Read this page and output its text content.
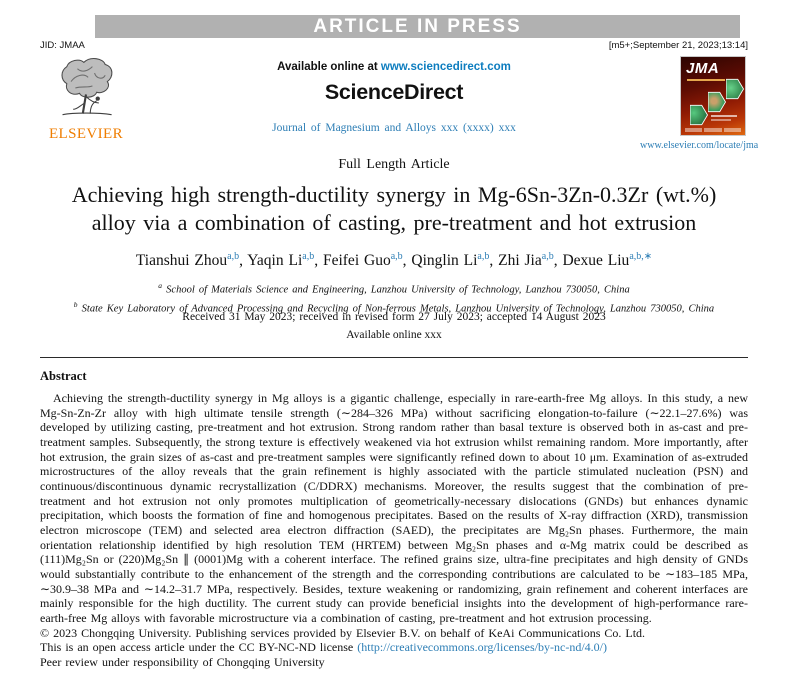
ARTICLE IN PRESS
JID: JMAA	[m5+;September 21, 2023;13:14]
ELSEVIER
Available online at www.sciencedirect.com
ScienceDirect
Journal of Magnesium and Alloys xxx (xxxx) xxx
JMA
www.elsevier.com/locate/jma
Full Length Article
Achieving high strength-ductility synergy in Mg-6Sn-3Zn-0.3Zr (wt.%) alloy via a combination of casting, pre-treatment and hot extrusion
Tianshui Zhou$^{a,b}$, Yaqin Li$^{a,b}$, Feifei Guo$^{a,b}$, Qinglin Li$^{a,b}$, Zhi Jia$^{a,b}$, Dexue Liu$^{a,b,∗}$
$^a$ School of Materials Science and Engineering, Lanzhou University of Technology, Lanzhou 730050, China
$^b$ State Key Laboratory of Advanced Processing and Recycling of Non-ferrous Metals, Lanzhou University of Technology, Lanzhou 730050, China
Received 31 May 2023; received in revised form 27 July 2023; accepted 14 August 2023
Available online xxx
Abstract

Achieving the strength-ductility synergy in Mg alloys is a gigantic challenge, especially in rare-earth-free Mg alloys. In this study, a new Mg-Sn-Zn-Zr alloy with high ultimate tensile strength (∼284–326 MPa) without sacrificing elongation-to-failure (∼22.1–27.6%) was developed by utilizing casting, pre-treatment and hot extrusion. Strong random rather than basal texture is observed both in as-cast and pre-treatment samples. Subsequently, the strong texture is effectively weakened via hot extrusion whilst remaining random. More importantly, after hot extrusion, the grain sizes of as-cast and pre-treatment samples were significantly refined down to about 10 μm. Examination of as-extruded microstructures of the alloy reveals that the grain refinement is highly associated with the particle stimulated nucleation (PSN) and continuous/discontinuous dynamic recrystallization (C/DDRX) mechanisms. Moreover, the results suggest that the combination of pre-treatment and hot extrusion not only promotes multiplication of geometrically-necessary dislocations (GNDs) but enhances dynamic precipitation, which boosts the formation of fine and homogenous precipitates. Based on the results of X-ray diffraction (XRD), transmission electron microscope (TEM) and selected area electron diffraction (SAED), the precipitates are Mg₂Sn phases. Furthermore, the main orientation relationship identified by high resolution TEM (HRTEM) between Mg₂Sn phases and α-Mg matrix could be described as (111)Mg₂Sn or (220)Mg₂Sn ∥ (0001)Mg with a coherent interface. The refined grains size, ultra-fine precipitates and high density of GNDs would substantially contribute to the enhancement of the strength and the corresponding contributions are calculated to be ∼183–185 MPa, ∼30.9–38 MPa and ∼14.2–31.7 MPa, respectively. Besides, texture weakening or randomizing, grain refinement and coherent interfaces are mainly responsible for the high ductility. The current study can provide beneficial insights into the development of high-performance rare-earth-free Mg alloys with favorable microstructure via a combination of casting, pre-treatment and hot extrusion processing.

© 2023 Chongqing University. Publishing services provided by Elsevier B.V. on behalf of KeAi Communications Co. Ltd.
This is an open access article under the CC BY-NC-ND license (http://creativecommons.org/licenses/by-nc-nd/4.0/)
Peer review under responsibility of Chongqing University
